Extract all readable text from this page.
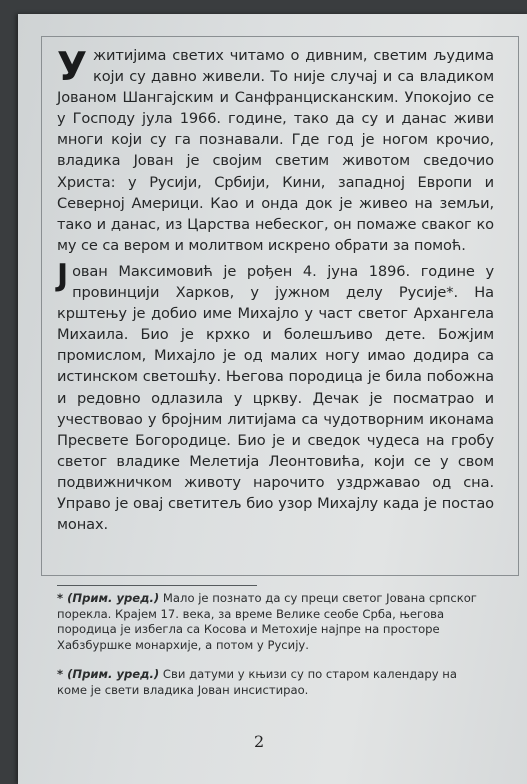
Ужитијима светих читамо о дивним, светим људима који су давно живели. То није случај и са владиком Јованом Шангајским и Санфранцисканским. Упокојио се у Господу јула 1966. године, тако да су и данас живи многи који су га познавали. Где год је ногом крочио, владика Јован је својим светим животом сведочио Христа: у Русији, Србији, Кини, западној Европи и Северној Америци. Као и онда док је живео на земљи, тако и данас, из Царства небеског, он помаже сваког ко му се са вером и молитвом искрено обрати за помоћ.

Јован Максимовић је рођен 4. јуна 1896. године у провинцији Харков, у јужном делу Русије*. На крштењу је добио име Михајло у част светог Архангела Михаила. Био је крхко и болешљиво дете. Божјим промислом, Михајло је од малих ногу имао додира са истинском светошћу. Његова породица је била побожна и редовно одлазила у цркву. Дечак је посматрао и учествовао у бројним литијама са чудотворним иконама Пресвете Богородице. Био је и сведок чудеса на гробу светог владике Мелетија Леонтовића, који се у свом подвижничком животу нарочито уздржавао од сна. Управо је овај светитељ био узор Михајлу када је постао монах.

* (Прим. уред.) Мало је познато да су преци светог Јована српског порекла. Крајем 17. века, за време Велике сеобе Срба, његова породица је избегла са Косова и Метохије најпре на просторе Хабзбуршке монархије, а потом у Русију.

* (Прим. уред.) Сви датуми у књизи су по старом календару на коме је свети владика Јован инсистирао.

2
